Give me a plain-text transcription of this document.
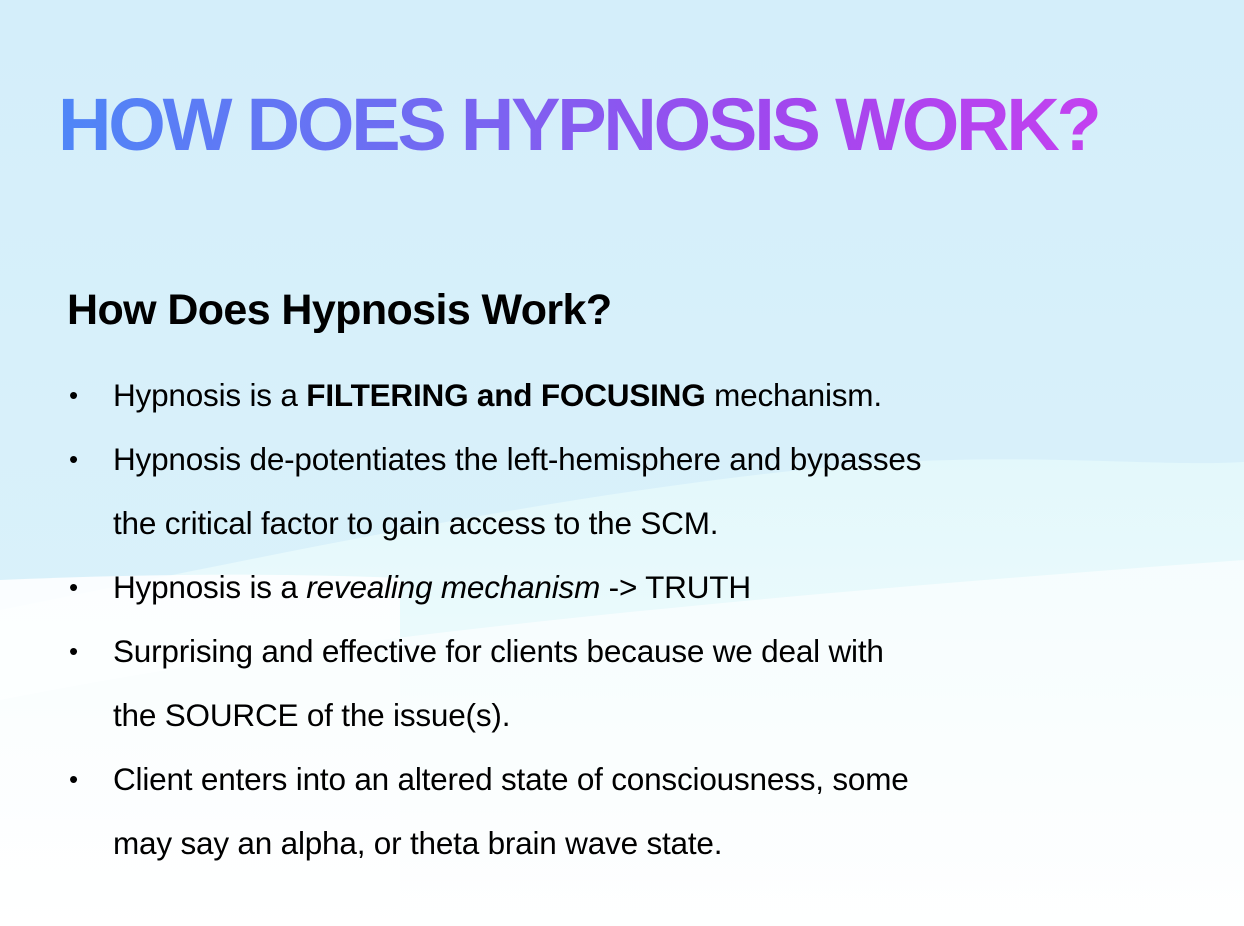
HOW DOES HYPNOSIS WORK?
How Does Hypnosis Work?
• Hypnosis is a FILTERING and FOCUSING mechanism.
• Hypnosis de-potentiates the left-hemisphere and bypasses
the critical factor to gain access to the SCM.
• Hypnosis is a revealing mechanism -> TRUTH
• Surprising and effective for clients because we deal with
the SOURCE of the issue(s).
• Client enters into an altered state of consciousness, some
may say an alpha, or theta brain wave state.
